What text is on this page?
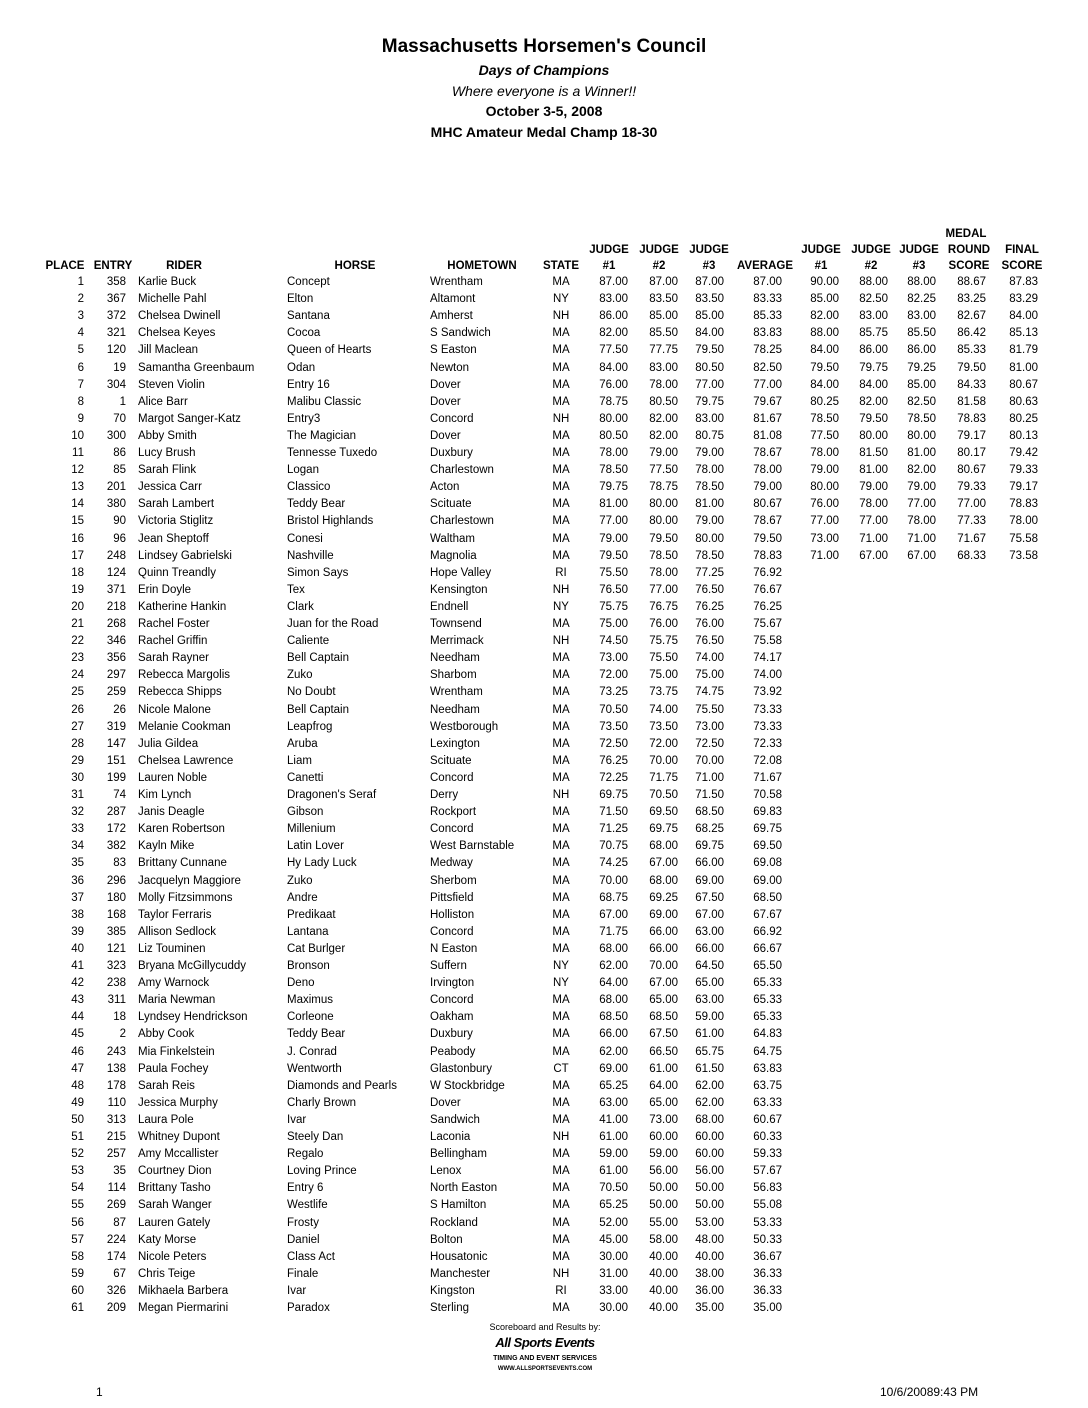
Massachusetts Horsemen's Council
Days of Champions
Where everyone is a Winner!!
October 3-5, 2008
MHC Amateur Medal Champ 18-30
MEDAL
JUDGE JUDGE JUDGE	JUDGE JUDGE JUDGE ROUND	FINAL
PLACE ENTRY	RIDER	HORSE	HOMETOWN	STATE	#1	#2	#3	AVERAGE	#1	#2	#3	SCORE	SCORE
1	358 Karlie Buck	Concept	Wrentham	MA	87.00	87.00	87.00	87.00	90.00	88.00	88.00	88.67	87.83
2	367 Michelle Pahl	Elton	Altamont	NY	83.00	83.50	83.50	83.33	85.00	82.50	82.25	83.25	83.29
3	372 Chelsea Dwinell	Santana	Amherst	NH	86.00	85.00	85.00	85.33	82.00	83.00	83.00	82.67	84.00
4	321 Chelsea Keyes	Cocoa	S Sandwich	MA	82.00	85.50	84.00	83.83	88.00	85.75	85.50	86.42	85.13
5	120 Jill Maclean	Queen of Hearts	S Easton	MA	77.50	77.75	79.50	78.25	84.00	86.00	86.00	85.33	81.79
6	19 Samantha Greenbaum	Odan	Newton	MA	84.00	83.00	80.50	82.50	79.50	79.75	79.25	79.50	81.00
7	304 Steven Violin	Entry 16	Dover	MA	76.00	78.00	77.00	77.00	84.00	84.00	85.00	84.33	80.67
8	1 Alice Barr	Malibu Classic	Dover	MA	78.75	80.50	79.75	79.67	80.25	82.00	82.50	81.58	80.63
9	70 Margot Sanger-Katz	Entry3	Concord	NH	80.00	82.00	83.00	81.67	78.50	79.50	78.50	78.83	80.25
10	300 Abby Smith	The Magician	Dover	MA	80.50	82.00	80.75	81.08	77.50	80.00	80.00	79.17	80.13
11	86 Lucy Brush	Tennesse Tuxedo	Duxbury	MA	78.00	79.00	79.00	78.67	78.00	81.50	81.00	80.17	79.42
12	85 Sarah Flink	Logan	Charlestown	MA	78.50	77.50	78.00	78.00	79.00	81.00	82.00	80.67	79.33
13	201 Jessica Carr	Classico	Acton	MA	79.75	78.75	78.50	79.00	80.00	79.00	79.00	79.33	79.17
14	380 Sarah Lambert	Teddy Bear	Scituate	MA	81.00	80.00	81.00	80.67	76.00	78.00	77.00	77.00	78.83
15	90 Victoria Stiglitz	Bristol Highlands	Charlestown	MA	77.00	80.00	79.00	78.67	77.00	77.00	78.00	77.33	78.00
16	96 Jean Sheptoff	Conesi	Waltham	MA	79.00	79.50	80.00	79.50	73.00	71.00	71.00	71.67	75.58
17	248 Lindsey Gabrielski	Nashville	Magnolia	MA	79.50	78.50	78.50	78.83	71.00	67.00	67.00	68.33	73.58
18	124 Quinn Treandly	Simon Says	Hope Valley	RI	75.50	78.00	77.25	76.92
19	371 Erin Doyle	Tex	Kensington	NH	76.50	77.00	76.50	76.67
20	218 Katherine Hankin	Clark	Endnell	NY	75.75	76.75	76.25	76.25
21	268 Rachel Foster	Juan for the Road	Townsend	MA	75.00	76.00	76.00	75.67
22	346 Rachel Griffin	Caliente	Merrimack	NH	74.50	75.75	76.50	75.58
23	356 Sarah Rayner	Bell Captain	Needham	MA	73.00	75.50	74.00	74.17
24	297 Rebecca Margolis	Zuko	Sharbom	MA	72.00	75.00	75.00	74.00
25	259 Rebecca Shipps	No Doubt	Wrentham	MA	73.25	73.75	74.75	73.92
26	26 Nicole Malone	Bell Captain	Needham	MA	70.50	74.00	75.50	73.33
27	319 Melanie Cookman	Leapfrog	Westborough	MA	73.50	73.50	73.00	73.33
28	147 Julia Gildea	Aruba	Lexington	MA	72.50	72.00	72.50	72.33
29	151 Chelsea Lawrence	Liam	Scituate	MA	76.25	70.00	70.00	72.08
30	199 Lauren Noble	Canetti	Concord	MA	72.25	71.75	71.00	71.67
31	74 Kim Lynch	Dragonen's Seraf	Derry	NH	69.75	70.50	71.50	70.58
32	287 Janis Deagle	Gibson	Rockport	MA	71.50	69.50	68.50	69.83
33	172 Karen Robertson	Millenium	Concord	MA	71.25	69.75	68.25	69.75
34	382 Kayln Mike	Latin Lover	West Barnstable	MA	70.75	68.00	69.75	69.50
35	83 Brittany Cunnane	Hy Lady Luck	Medway	MA	74.25	67.00	66.00	69.08
36	296 Jacquelyn Maggiore	Zuko	Sherbom	MA	70.00	68.00	69.00	69.00
37	180 Molly Fitzsimmons	Andre	Pittsfield	MA	68.75	69.25	67.50	68.50
38	168 Taylor Ferraris	Predikaat	Holliston	MA	67.00	69.00	67.00	67.67
39	385 Allison Sedlock	Lantana	Concord	MA	71.75	66.00	63.00	66.92
40	121 Liz Touminen	Cat Burlger	N Easton	MA	68.00	66.00	66.00	66.67
41	323 Bryana McGillycuddy	Bronson	Suffern	NY	62.00	70.00	64.50	65.50
42	238 Amy Warnock	Deno	Irvington	NY	64.00	67.00	65.00	65.33
43	311 Maria Newman	Maximus	Concord	MA	68.00	65.00	63.00	65.33
44	18 Lyndsey Hendrickson	Corleone	Oakham	MA	68.50	68.50	59.00	65.33
45	2 Abby Cook	Teddy Bear	Duxbury	MA	66.00	67.50	61.00	64.83
46	243 Mia Finkelstein	J. Conrad	Peabody	MA	62.00	66.50	65.75	64.75
47	138 Paula Fochey	Wentworth	Glastonbury	CT	69.00	61.00	61.50	63.83
48	178 Sarah Reis	Diamonds and Pearls	W Stockbridge	MA	65.25	64.00	62.00	63.75
49	110 Jessica Murphy	Charly Brown	Dover	MA	63.00	65.00	62.00	63.33
50	313 Laura Pole	Ivar	Sandwich	MA	41.00	73.00	68.00	60.67
51	215 Whitney Dupont	Steely Dan	Laconia	NH	61.00	60.00	60.00	60.33
52	257 Amy Mccallister	Regalo	Bellingham	MA	59.00	59.00	60.00	59.33
53	35 Courtney Dion	Loving Prince	Lenox	MA	61.00	56.00	56.00	57.67
54	114 Brittany Tasho	Entry 6	North Easton	MA	70.50	50.00	50.00	56.83
55	269 Sarah Wanger	Westlife	S Hamilton	MA	65.25	50.00	50.00	55.08
56	87 Lauren Gately	Frosty	Rockland	MA	52.00	55.00	53.00	53.33
57	224 Katy Morse	Daniel	Bolton	MA	45.00	58.00	48.00	50.33
58	174 Nicole Peters	Class Act	Housatonic	MA	30.00	40.00	40.00	36.67
59	67 Chris Teige	Finale	Manchester	NH	31.00	40.00	38.00	36.33
60	326 Mikhaela Barbera	Ivar	Kingston	RI	33.00	40.00	36.00	36.33
61	209 Megan Piermarini	Paradox	Sterling	MA	30.00	40.00	35.00	35.00
Scoreboard and Results by:
All Sports Events
TIMING AND EVENT SERVICES
WWW.ALLSPORTSEVENTS.COM
1	10/6/20089:43 PM
